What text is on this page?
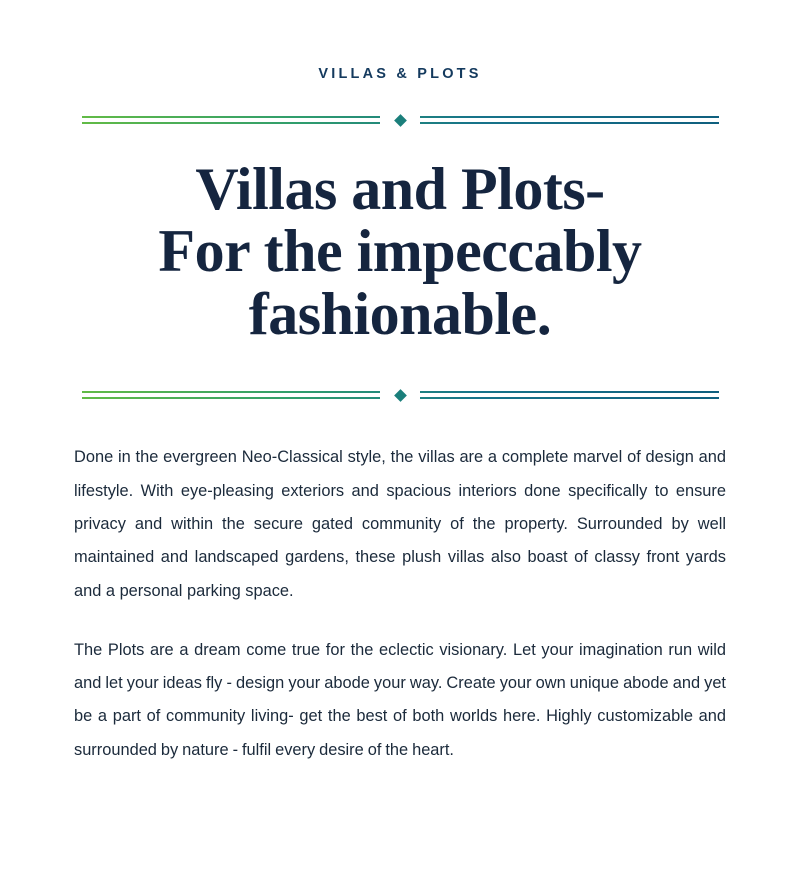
VILLAS & PLOTS
Villas and Plots-
For the impeccably
fashionable.

Done in the evergreen Neo-Classical style, the villas are a complete marvel of design and lifestyle. With eye-pleasing exteriors and spacious interiors done specifically to ensure privacy and within the secure gated community of the property. Surrounded by well maintained and landscaped gardens, these plush villas also boast of classy front yards and a personal parking space.

The Plots are a dream come true for the eclectic visionary. Let your imagination run wild and let your ideas fly - design your abode your way. Create your own unique abode and yet be a part of community living- get the best of both worlds here. Highly customizable and surrounded by nature - fulfil every desire of the heart.
